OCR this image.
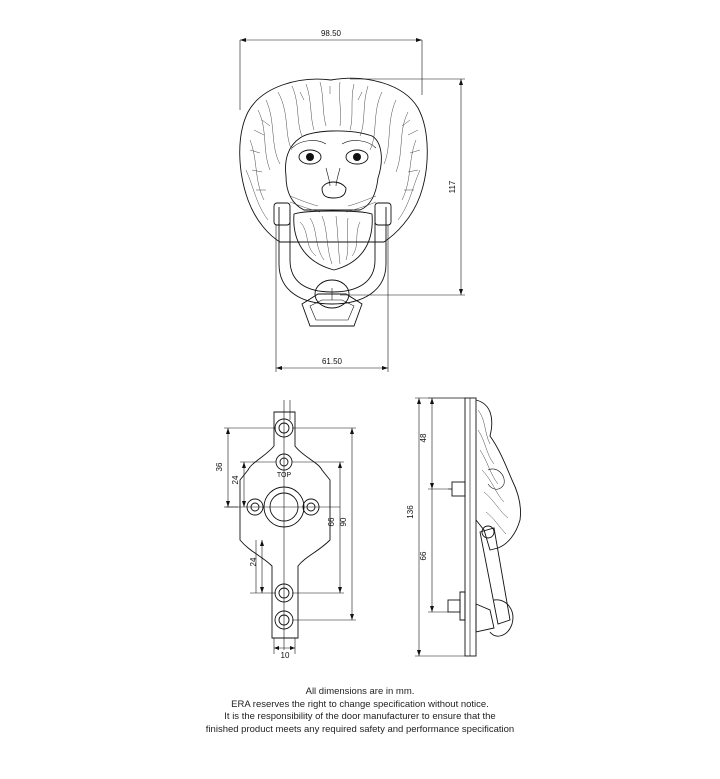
98.50
117
61.50
TOP
36
24
66 90
24
10
136
48
66
All dimensions are in mm.
ERA reserves the right to change specification without notice.
It is the responsibility of the door manufacturer to ensure that the
finished product meets any required safety and performance specification
